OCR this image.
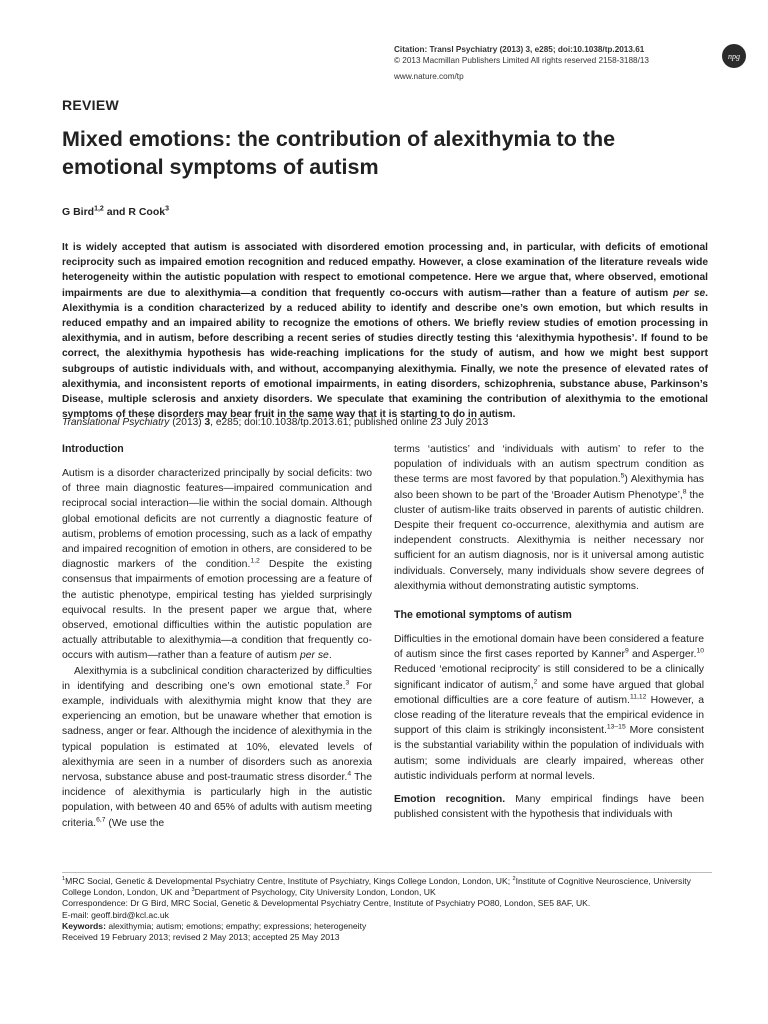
Citation: Transl Psychiatry (2013) 3, e285; doi:10.1038/tp.2013.61
© 2013 Macmillan Publishers Limited All rights reserved 2158-3188/13
www.nature.com/tp
npg
REVIEW
Mixed emotions: the contribution of alexithymia to the emotional symptoms of autism
G Bird$^{1,2}$ and R Cook$^3$
It is widely accepted that autism is associated with disordered emotion processing and, in particular, with deficits of emotional reciprocity such as impaired emotion recognition and reduced empathy. However, a close examination of the literature reveals wide heterogeneity within the autistic population with respect to emotional competence. Here we argue that, where observed, emotional impairments are due to alexithymia—a condition that frequently co-occurs with autism—rather than a feature of autism per se. Alexithymia is a condition characterized by a reduced ability to identify and describe one’s own emotion, but which results in reduced empathy and an impaired ability to recognize the emotions of others. We briefly review studies of emotion processing in alexithymia, and in autism, before describing a recent series of studies directly testing this ‘alexithymia hypothesis’. If found to be correct, the alexithymia hypothesis has wide-reaching implications for the study of autism, and how we might best support subgroups of autistic individuals with, and without, accompanying alexithymia. Finally, we note the presence of elevated rates of alexithymia, and inconsistent reports of emotional impairments, in eating disorders, schizophrenia, substance abuse, Parkinson’s Disease, multiple sclerosis and anxiety disorders. We speculate that examining the contribution of alexithymia to the emotional symptoms of these disorders may bear fruit in the same way that it is starting to do in autism.
Translational Psychiatry (2013) 3, e285; doi:10.1038/tp.2013.61; published online 23 July 2013
Introduction

Autism is a disorder characterized principally by social deficits: two of three main diagnostic features—impaired communication and reciprocal social interaction—lie within the social domain. Although global emotional deficits are not currently a diagnostic feature of autism, problems of emotion processing, such as a lack of empathy and impaired recognition of emotion in others, are considered to be diagnostic markers of the condition.$^{1,2}$ Despite the existing consensus that impairments of emotion processing are a feature of the autistic phenotype, empirical testing has yielded surprisingly equivocal results. In the present paper we argue that, where observed, emotional difficulties within the autistic population are actually attributable to alexithymia—a condition that frequently co-occurs with autism—rather than a feature of autism per se.

Alexithymia is a subclinical condition characterized by difficulties in identifying and describing one’s own emotional state.$^3$ For example, individuals with alexithymia might know that they are experiencing an emotion, but be unaware whether that emotion is sadness, anger or fear. Although the incidence of alexithymia in the typical population is estimated at 10%, elevated levels of alexithymia are seen in a number of disorders such as anorexia nervosa, substance abuse and post-traumatic stress disorder.$^4$ The incidence of alexithymia is particularly high in the autistic population, with between 40 and 65% of adults with autism meeting criteria.$^{6,7}$ (We use the

terms ‘autistics’ and ‘individuals with autism’ to refer to the population of individuals with an autism spectrum condition as these terms are most favored by that population.$^5$) Alexithymia has also been shown to be part of the ‘Broader Autism Phenotype’,$^8$ the cluster of autism-like traits observed in parents of autistic children. Despite their frequent co-occurrence, alexithymia and autism are independent constructs. Alexithymia is neither necessary nor sufficient for an autism diagnosis, nor is it universal among autistic individuals. Conversely, many individuals show severe degrees of alexithymia without demonstrating autistic symptoms.

The emotional symptoms of autism

Difficulties in the emotional domain have been considered a feature of autism since the first cases reported by Kanner$^9$ and Asperger.$^{10}$ Reduced ‘emotional reciprocity’ is still considered to be a clinically significant indicator of autism,$^2$ and some have argued that global emotional difficulties are a core feature of autism.$^{11,12}$ However, a close reading of the literature reveals that the empirical evidence in support of this claim is strikingly inconsistent.$^{13-15}$ More consistent is the substantial variability within the population of individuals with autism; some individuals are clearly impaired, whereas other autistic individuals perform at normal levels.

Emotion recognition. Many empirical findings have been published consistent with the hypothesis that individuals with

$^1$MRC Social, Genetic & Developmental Psychiatry Centre, Institute of Psychiatry, Kings College London, London, UK; $^2$Institute of Cognitive Neuroscience, University College London, London, UK and $^3$Department of Psychology, City University London, London, UK

Correspondence: Dr G Bird, MRC Social, Genetic & Developmental Psychiatry Centre, Institute of Psychiatry PO80, London, SE5 8AF, UK.

E-mail: geoff.bird@kcl.ac.uk

Keywords: alexithymia; autism; emotions; empathy; expressions; heterogeneity

Received 19 February 2013; revised 2 May 2013; accepted 25 May 2013
